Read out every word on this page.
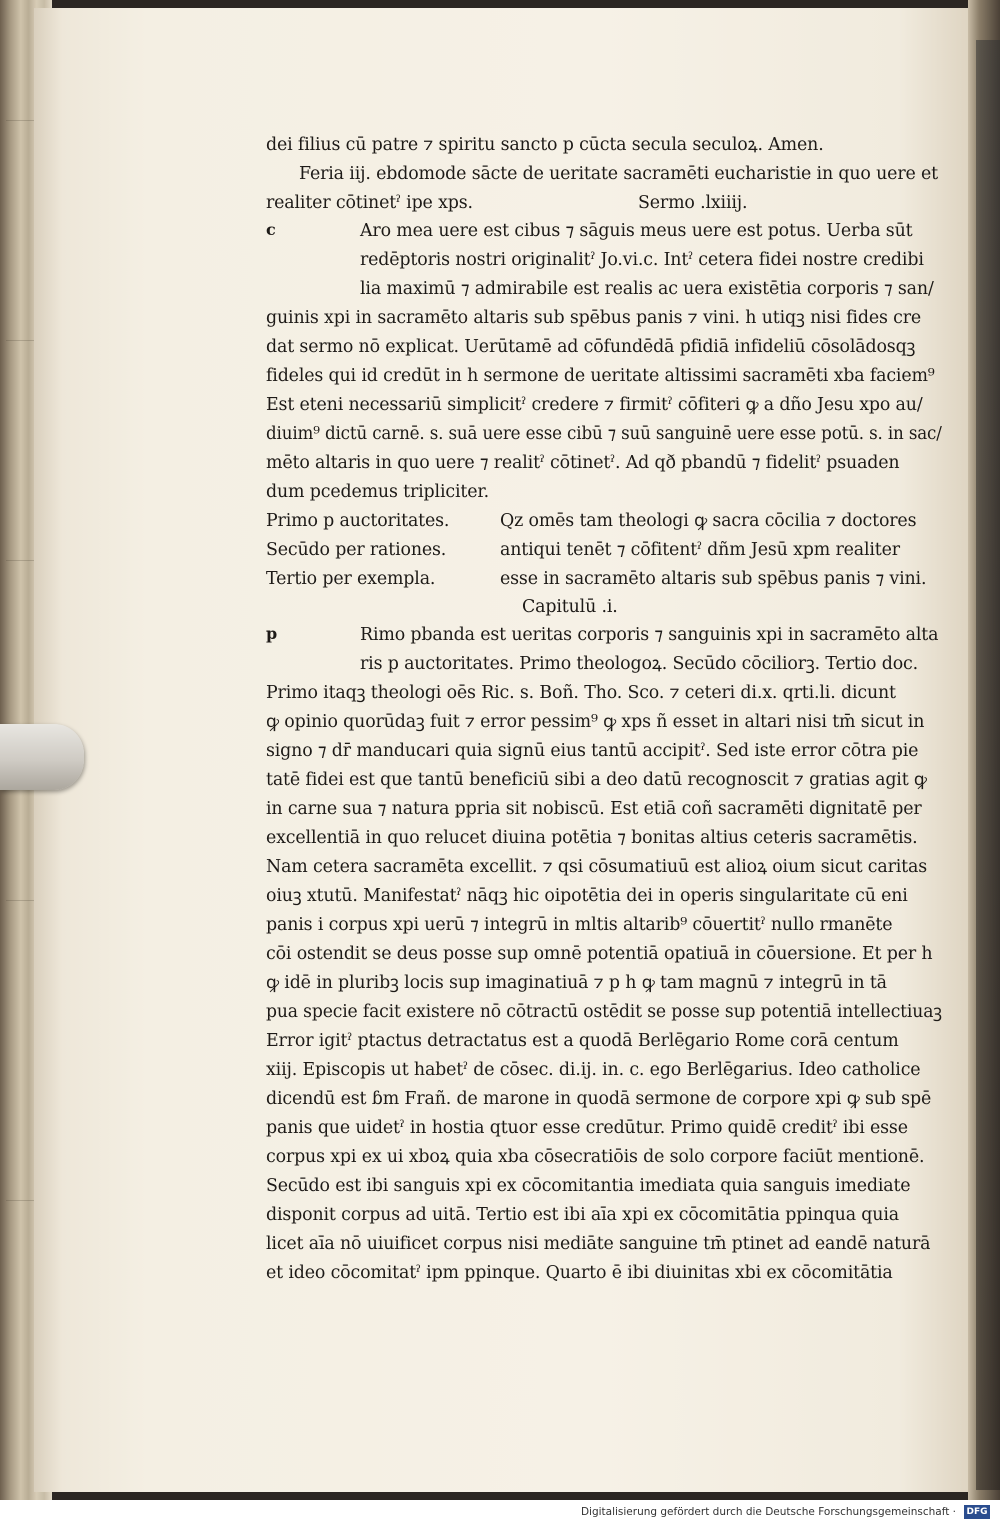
dei filius cū patre ⁊ spiritu sancto p cūcta secula seculoꝝ. Amen.
Feria iij. ebdomode sācte de ueritate sacramēti eucharistie in quo uere et
realiter cōtinetˀ ipe xps.	Sermo .lxiiij.
c	Aro mea uere est cibus ⁊ sāguis meus uere est potus. Uerba sūt
redēptoris nostri originalitˀ Jo.vi.c. Intˀ cetera fidei nostre credibi
lia maximū ⁊ admirabile est realis ac uera existētia corporis ⁊ san/
guinis xpi in sacramēto altaris sub spēbus panis ⁊ vini. h utiqꝫ nisi fides cre
dat sermo nō explicat. Uerūtamē ad cōfundēdā pfidiā infideliū cōsolādosqꝫ
fideles qui id credūt in h sermone de ueritate altissimi sacramēti xba faciem⁹
Est eteni necessariū simplicitˀ credere ⁊ firmitˀ cōfiteri ꝙ a dño Jesu xpo au/
diuim⁹ dictū carnē. s. suā uere esse cibū ⁊ suū sanguinē uere esse potū. s. in sac/
mēto altaris in quo uere ⁊ realitˀ cōtinetˀ. Ad qð pbandū ⁊ fidelitˀ psuaden
dum pcedemus tripliciter.
Primo p auctoritates.	Qz omēs tam theologi ꝙ sacra cōcilia ⁊ doctores
Secūdo per rationes.	antiqui tenēt ⁊ cōfitentˀ dñm Jesū xpm realiter
Tertio per exempla.	esse in sacramēto altaris sub spēbus panis ⁊ vini.
Capitulū .i.
p	Rimo pbanda est ueritas corporis ⁊ sanguinis xpi in sacramēto alta
ris p auctoritates. Primo theologoꝝ. Secūdo cōciliorꝫ. Tertio doc.
Primo itaqꝫ theologi oēs Ric. s. Boñ. Tho. Sco. ⁊ ceteri di.x. qrti.li. dicunt
ꝙ opinio quorūdaꝫ fuit ⁊ error pessim⁹ ꝙ xps ñ esset in altari nisi tm̄ sicut in
signo ⁊ dr̄ manducari quia signū eius tantū accipitˀ. Sed iste error cōtra pie
tatē fidei est que tantū beneficiū sibi a deo datū recognoscit ⁊ gratias agit ꝙ
in carne sua ⁊ natura ppria sit nobiscū. Est etiā coñ sacramēti dignitatē per
excellentiā in quo relucet diuina potētia ⁊ bonitas altius ceteris sacramētis.
Nam cetera sacramēta excellit. ⁊ qsi cōsumatiuū est alioꝝ oium sicut caritas
oiuꝫ xtutū. Manifestatˀ nāqꝫ hic oipotētia dei in operis singularitate cū eni
panis i corpus xpi uerū ⁊ integrū in mltis altarib⁹ cōuertitˀ nullo rmanēte
cōi ostendit se deus posse sup omnē potentiā opatiuā in cōuersione. Et per h
ꝙ idē in pluribꝫ locis sup imaginatiuā ⁊ p h ꝙ tam magnū ⁊ integrū in tā
pua specie facit existere nō cōtractū ostēdit se posse sup potentiā intellectiuaꝫ
Error igitˀ ptactus detractatus est a quodā Berlēgario Rome corā centum
xiij. Episcopis ut habetˀ de cōsec. di.ij. in. c. ego Berlēgarius. Ideo catholice
dicendū est ɓm Frañ. de marone in quodā sermone de corpore xpi ꝙ sub spē
panis que uidetˀ in hostia qtuor esse credūtur. Primo quidē creditˀ ibi esse
corpus xpi ex ui xboꝝ quia xba cōsecratiōis de solo corpore faciūt mentionē.
Secūdo est ibi sanguis xpi ex cōcomitantia imediata quia sanguis imediate
disponit corpus ad uitā. Tertio est ibi aīa xpi ex cōcomitātia ppinqua quia
licet aīa nō uiuificet corpus nisi mediāte sanguine tm̄ ptinet ad eandē naturā
et ideo cōcomitatˀ ipm ppinque. Quarto ē ibi diuinitas xbi ex cōcomitātia
Digitalisierung gefördert durch die Deutsche Forschungsgemeinschaft · DFG
